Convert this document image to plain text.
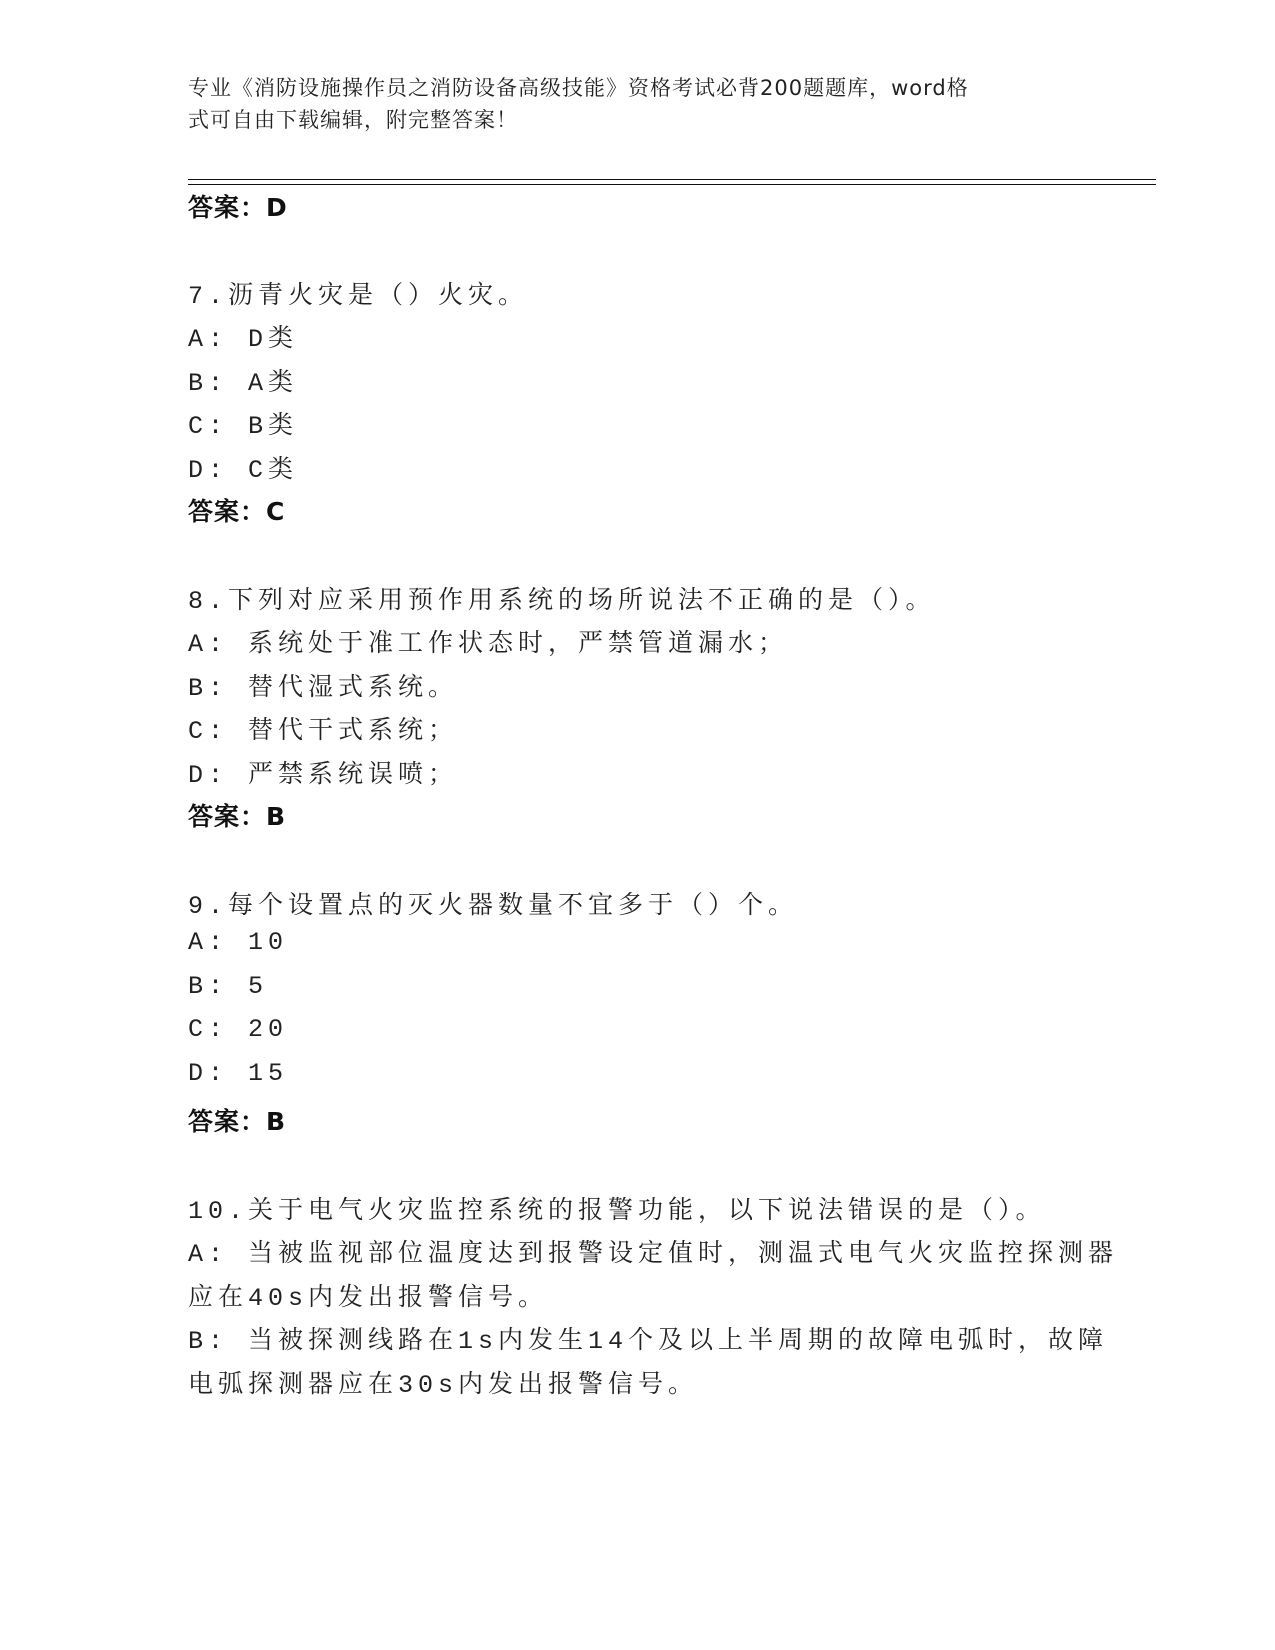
专业《消防设施操作员之消防设备高级技能》资格考试必背200题题库，word格
式可自由下载编辑，附完整答案！
答案：D
7.沥青火灾是（）火灾。
A: D类
B: A类
C: B类
D: C类
答案：C
8.下列对应采用预作用系统的场所说法不正确的是（）。
A: 系统处于准工作状态时，严禁管道漏水；
B: 替代湿式系统。
C: 替代干式系统；
D: 严禁系统误喷；
答案：B
9.每个设置点的灭火器数量不宜多于（）个。
A: 10
B: 5
C: 20
D: 15
答案：B
10.关于电气火灾监控系统的报警功能，以下说法错误的是（）。
A: 当被监视部位温度达到报警设定值时，测温式电气火灾监控探测器
应在40s内发出报警信号。
B: 当被探测线路在1s内发生14个及以上半周期的故障电弧时，故障
电弧探测器应在30s内发出报警信号。
